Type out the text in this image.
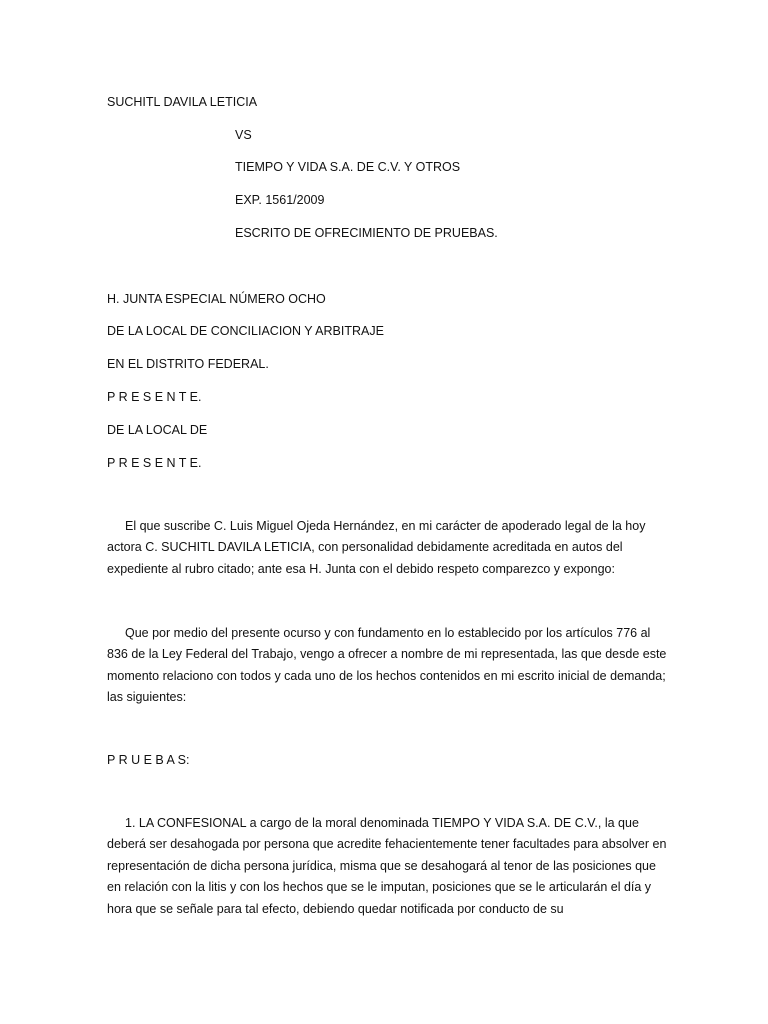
SUCHITL DAVILA LETICIA
VS
TIEMPO Y VIDA S.A. DE C.V. Y OTROS
EXP. 1561/2009
ESCRITO DE OFRECIMIENTO DE PRUEBAS.
H. JUNTA ESPECIAL NÚMERO OCHO
DE LA LOCAL DE CONCILIACION Y ARBITRAJE
EN EL DISTRITO FEDERAL.
P R E S E N T E.
DE LA LOCAL DE
P R E S E N T E.
El que suscribe C. Luis Miguel Ojeda Hernández, en mi carácter de apoderado legal de la hoy actora C. SUCHITL DAVILA LETICIA, con personalidad debidamente acreditada en autos del expediente al rubro citado; ante esa H. Junta con el debido respeto comparezco y expongo:
Que por medio del presente ocurso y con fundamento en lo establecido por los artículos 776 al 836 de la Ley Federal del Trabajo, vengo a ofrecer a nombre de mi representada, las que desde este momento relaciono con todos y cada uno de los hechos contenidos en mi escrito inicial de demanda; las siguientes:
P R U E B A S:
1. LA CONFESIONAL a cargo de la moral denominada TIEMPO Y VIDA S.A. DE C.V., la que deberá ser desahogada por persona que acredite fehacientemente tener facultades para absolver en representación de dicha persona jurídica, misma que se desahogará al tenor de las posiciones que en relación con la litis y con los hechos que se le imputan, posiciones que se le articularán el día y hora que se señale para tal efecto, debiendo quedar notificada por conducto de su
